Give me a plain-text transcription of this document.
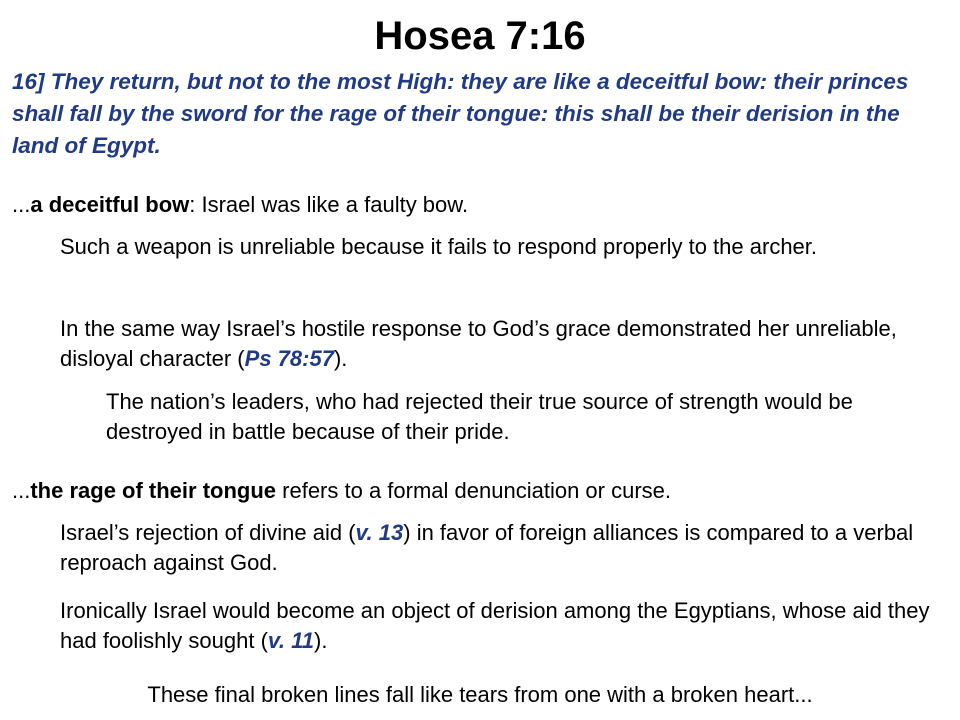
Hosea 7:16
16] They return, but not to the most High: they are like a deceitful bow: their princes shall fall by the sword for the rage of their tongue: this shall be their derision in the land of Egypt.
...a deceitful bow: Israel was like a faulty bow.
Such a weapon is unreliable because it fails to respond properly to the archer.
In the same way Israel’s hostile response to God’s grace demonstrated her unreliable, disloyal character (Ps 78:57).
The nation’s leaders, who had rejected their true source of strength would be destroyed in battle because of their pride.
...the rage of their tongue refers to a formal denunciation or curse.
Israel’s rejection of divine aid (v. 13) in favor of foreign alliances is compared to a verbal reproach against God.
Ironically Israel would become an object of derision among the Egyptians, whose aid they had foolishly sought (v. 11).
These final broken lines fall like tears from one with a broken heart...
